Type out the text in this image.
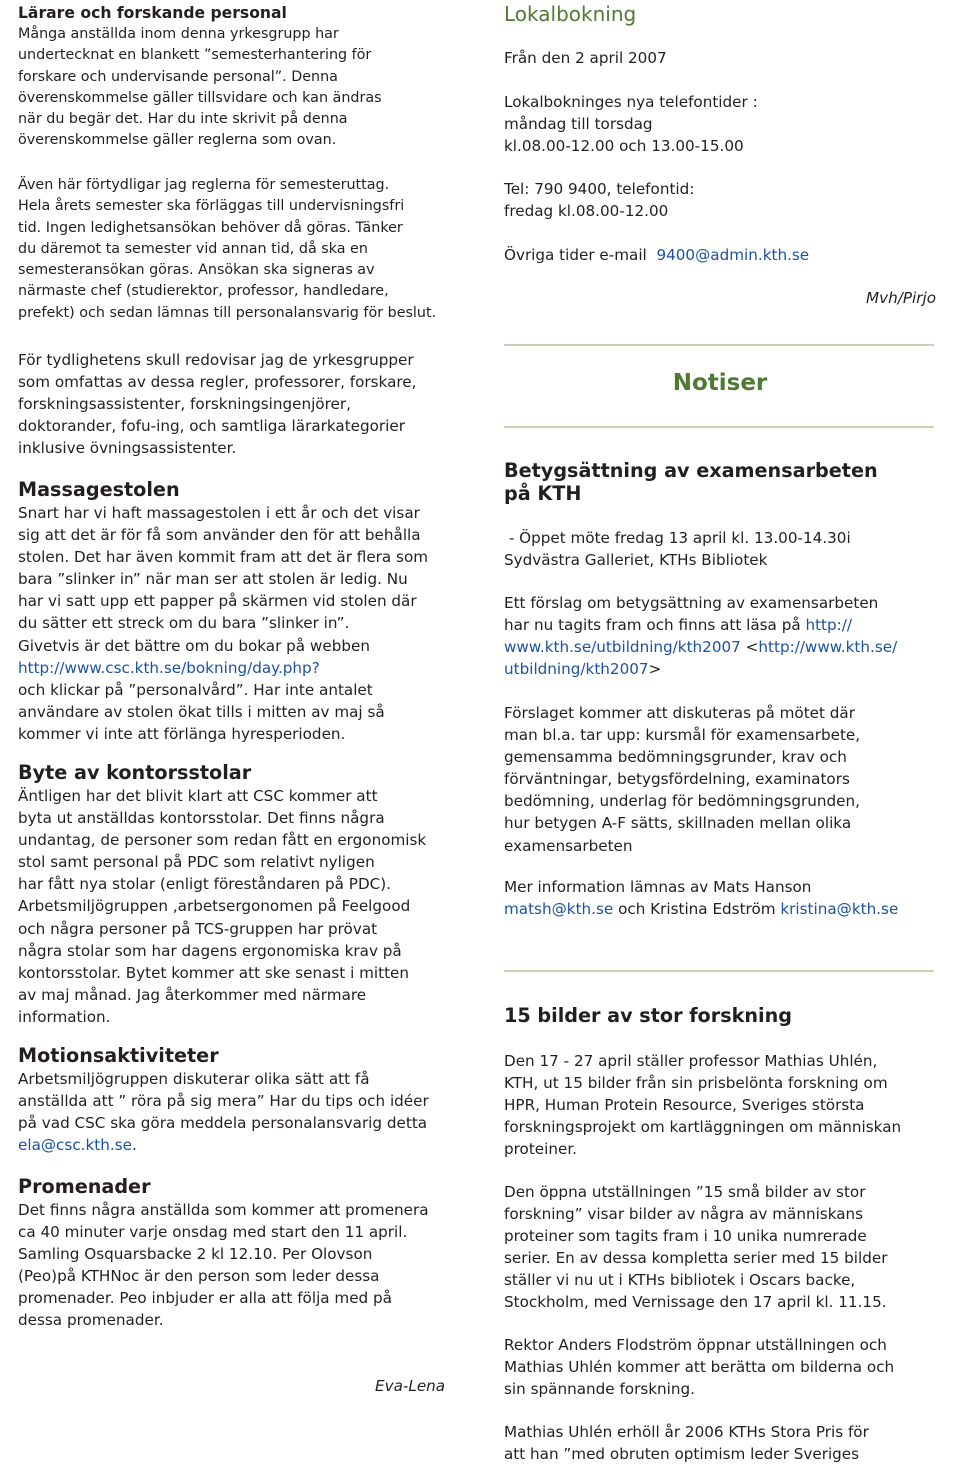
Lärare och forskande personal

Många anställda inom denna yrkesgrupp har

undertecknat en blankett ”semesterhantering för

forskare och undervisande personal”. Denna

överenskommelse gäller tillsvidare och kan ändras

när du begär det. Har du inte skrivit på denna

överenskommelse gäller reglerna som ovan.

Även här förtydligar jag reglerna för semesteruttag.

Hela årets semester ska förläggas till undervisningsfri

tid. Ingen ledighetsansökan behöver då göras. Tänker

du däremot ta semester vid annan tid, då ska en

semesteransökan göras. Ansökan ska signeras av

närmaste chef (studierektor, professor, handledare,

prefekt) och sedan lämnas till personalansvarig för beslut.

För tydlighetens skull redovisar jag de yrkesgrupper

som omfattas av dessa regler, professorer, forskare,

forskningsassistenter, forskningsingenjörer,

doktorander, fofu-ing, och samtliga lärarkategorier

inklusive övningsassistenter.

Massagestolen

Snart har vi haft massagestolen i ett år och det visar

sig att det är för få som använder den för att behålla

stolen. Det har även kommit fram att det är flera som

bara ”slinker in” när man ser att stolen är ledig. Nu

har vi satt upp ett papper på skärmen vid stolen där

du sätter ett streck om du bara ”slinker in”.

Givetvis är det bättre om du bokar på webben

http://www.csc.kth.se/bokning/day.php?

och klickar på ”personalvård”. Har inte antalet

användare av stolen ökat tills i mitten av maj så

kommer vi inte att förlänga hyresperioden.

Byte av kontorsstolar

Äntligen har det blivit klart att CSC kommer att

byta ut anställdas kontorsstolar. Det finns några

undantag, de personer som redan fått en ergonomisk

stol samt personal på PDC som relativt nyligen

har fått nya stolar (enligt föreståndaren på PDC).

Arbetsmiljögruppen ,arbetsergonomen på Feelgood

och några personer på TCS-gruppen har prövat

några stolar som har dagens ergonomiska krav på

kontorsstolar. Bytet kommer att ske senast i mitten

av maj månad. Jag återkommer med närmare

information.

Motionsaktiviteter

Arbetsmiljögruppen diskuterar olika sätt att få

anställda att ” röra på sig mera” Har du tips och idéer

på vad CSC ska göra meddela personalansvarig detta

ela@csc.kth.se.

Promenader

Det finns några anställda som kommer att promenera

ca 40 minuter varje onsdag med start den 11 april.

Samling Osquarsbacke 2 kl 12.10. Per Olovson

(Peo)på KTHNoc är den person som leder dessa

promenader. Peo inbjuder er alla att följa med på

dessa promenader.

Eva-Lena

Lokalbokning

Från den 2 april 2007

Lokalbokninges nya telefontider :

måndag till torsdag

kl.08.00-12.00 och 13.00-15.00

Tel: 790 9400, telefontid:

fredag kl.08.00-12.00

Övriga tider e-mail  9400@admin.kth.se

Mvh/Pirjo

Notiser

Betygsättning av examensarbeten

på KTH

- Öppet möte fredag 13 april kl. 13.00-14.30i

Sydvästra Galleriet, KTHs Bibliotek

Ett förslag om betygsättning av examensarbeten

har nu tagits fram och finns att läsa på http://

www.kth.se/utbildning/kth2007 <http://www.kth.se/

utbildning/kth2007>

Förslaget kommer att diskuteras på mötet där

man bl.a. tar upp: kursmål för examensarbete,

gemensamma bedömningsgrunder, krav och

förväntningar, betygsfördelning, examinators

bedömning, underlag för bedömningsgrunden,

hur betygen A-F sätts, skillnaden mellan olika

examensarbeten

Mer information lämnas av Mats Hanson

matsh@kth.se och Kristina Edström kristina@kth.se

15 bilder av stor forskning

Den 17 - 27 april ställer professor Mathias Uhlén,

KTH, ut 15 bilder från sin prisbelönta forskning om

HPR, Human Protein Resource, Sveriges största

forskningsprojekt om kartläggningen om människan

proteiner.

Den öppna utställningen ”15 små bilder av stor

forskning” visar bilder av några av människans

proteiner som tagits fram i 10 unika numrerade

serier. En av dessa kompletta serier med 15 bilder

ställer vi nu ut i KTHs bibliotek i Oscars backe,

Stockholm, med Vernissage den 17 april kl. 11.15.

Rektor Anders Flodström öppnar utställningen och

Mathias Uhlén kommer att berätta om bilderna och

sin spännande forskning.

Mathias Uhlén erhöll år 2006 KTHs Stora Pris för

att han ”med obruten optimism leder Sveriges
